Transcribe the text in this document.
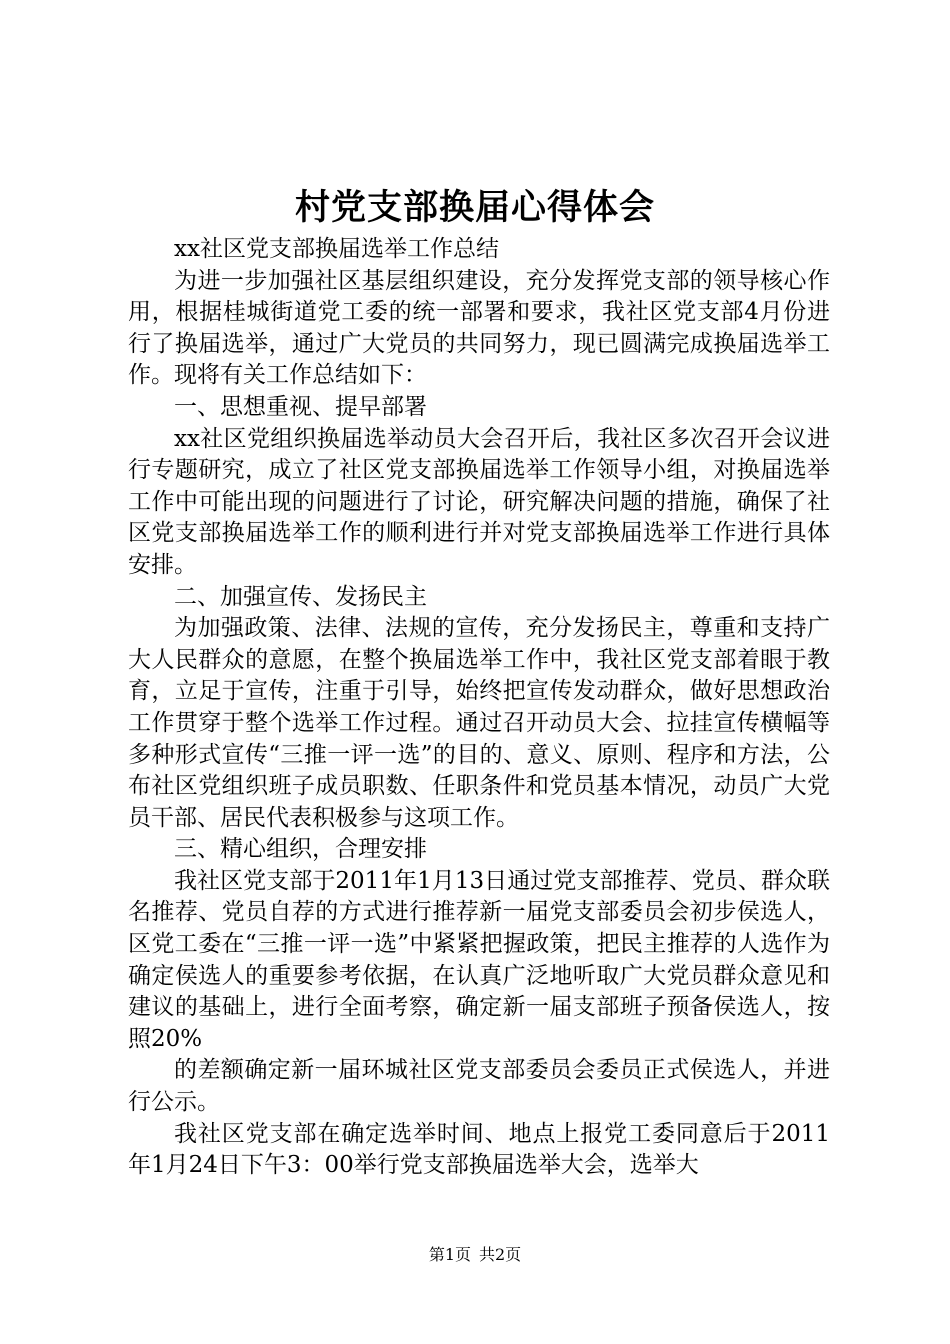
村党支部换届心得体会

xx社区党支部换届选举工作总结

为进一步加强社区基层组织建设，充分发挥党支部的领导核心作用，根据桂城街道党工委的统一部署和要求，我社区党支部4月份进行了换届选举，通过广大党员的共同努力，现已圆满完成换届选举工作。现将有关工作总结如下：

一、思想重视、提早部署

xx社区党组织换届选举动员大会召开后，我社区多次召开会议进行专题研究，成立了社区党支部换届选举工作领导小组，对换届选举工作中可能出现的问题进行了讨论，研究解决问题的措施，确保了社区党支部换届选举工作的顺利进行并对党支部换届选举工作进行具体安排。

二、加强宣传、发扬民主

为加强政策、法律、法规的宣传，充分发扬民主，尊重和支持广大人民群众的意愿，在整个换届选举工作中，我社区党支部着眼于教育，立足于宣传，注重于引导，始终把宣传发动群众，做好思想政治工作贯穿于整个选举工作过程。通过召开动员大会、拉挂宣传横幅等多种形式宣传“三推一评一选”的目的、意义、原则、程序和方法，公布社区党组织班子成员职数、任职条件和党员基本情况，动员广大党员干部、居民代表积极参与这项工作。

三、精心组织，合理安排

我社区党支部于2011年1月13日通过党支部推荐、党员、群众联名推荐、党员自荐的方式进行推荐新一届党支部委员会初步侯选人，区党工委在“三推一评一选”中紧紧把握政策，把民主推荐的人选作为确定侯选人的重要参考依据，在认真广泛地听取广大党员群众意见和建议的基础上，进行全面考察，确定新一届支部班子预备侯选人，按照20%

的差额确定新一届环城社区党支部委员会委员正式侯选人，并进行公示。

我社区党支部在确定选举时间、地点上报党工委同意后于2011年1月24日下午3：00举行党支部换届选举大会，选举大

第1页 共2页
